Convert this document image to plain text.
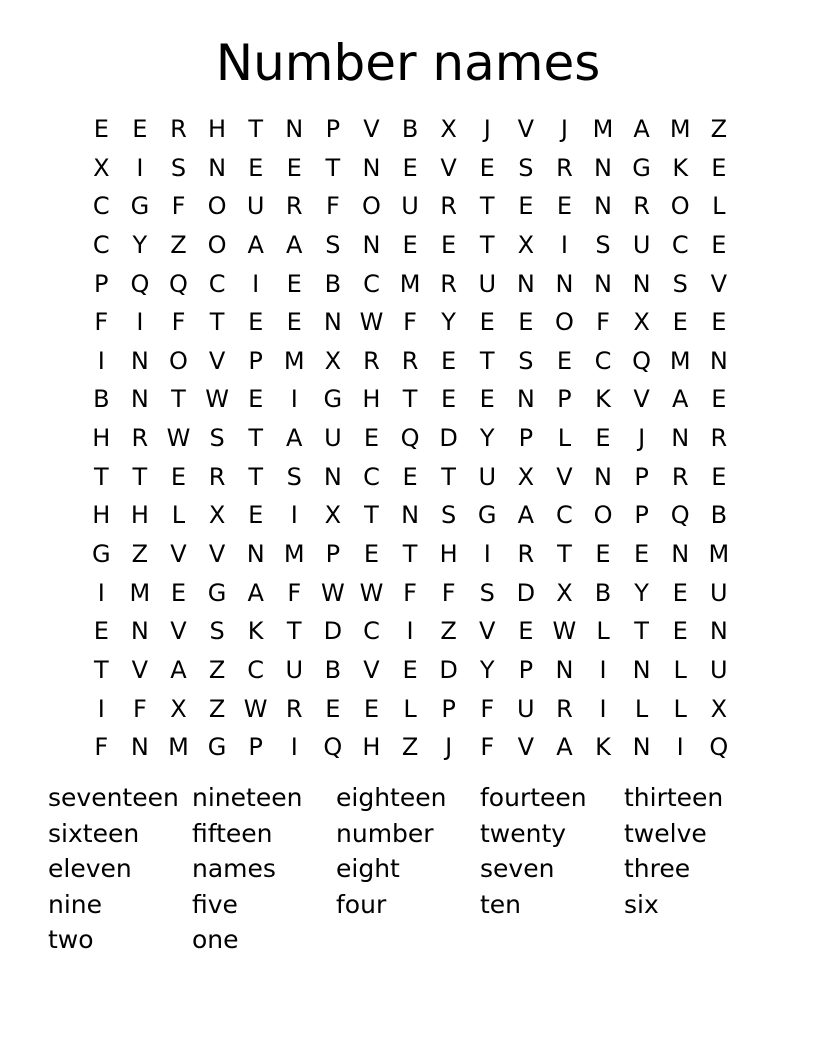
Number names
E E R H T N P V B X	J	V	J	M A M Z
X	I	S N E E T N E V E S R N G K E
C G F O U R F O U R T E E N R O L
C Y Z O A A S N E E T X	I	S U C E
P Q Q C	I	E B C M R U N N N N S V
F	I	F	T E E N W F	Y E E O F X E E
I	N O V P M X R R E T S E C Q M N
B N T W E	I	G H T E E N P K V A E
H R W S T A U E Q D Y	P	L	E	J	N R
T T E R T S N C E T U X V N P R E
H H L X E	I	X T N S G A C O P Q B
G Z V V N M P E T H	I	R T E E N M
I	M E G A F W W F	F	S D X B Y E U
E N V S K T D C	I	Z V E W L	T E N
T V A Z C U B V E D Y	P N	I	N L U
I	F X Z W R E E	L	P	F U R	I	L	L X
F N M G P	I	Q H Z	J	F V A K N	I	Q
seventeen nineteen	eighteen	fourteen	thirteen
sixteen	fifteen	number	twenty	twelve
eleven	names	eight	seven	three
nine	five	four	ten	six
two	one
